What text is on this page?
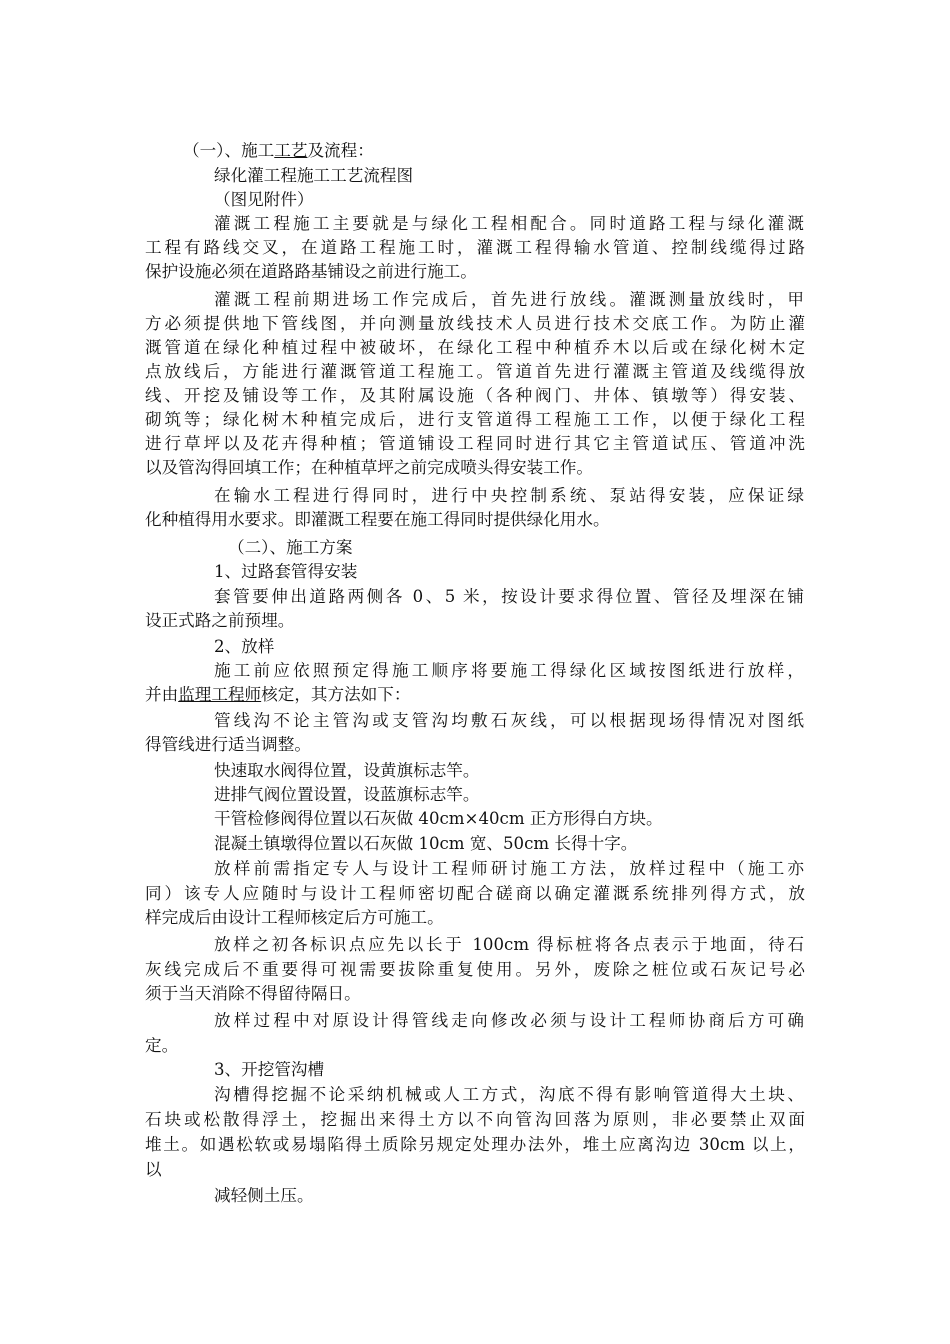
（一）、施工工艺及流程：
绿化灌工程施工工艺流程图
（图见附件）
灌溉工程施工主要就是与绿化工程相配合。同时道路工程与绿化灌溉
工程有路线交叉，在道路工程施工时，灌溉工程得输水管道、控制线缆得过路
保护设施必须在道路路基铺设之前进行施工。
灌溉工程前期进场工作完成后，首先进行放线。灌溉测量放线时，甲
方必须提供地下管线图，并向测量放线技术人员进行技术交底工作。为防止灌
溉管道在绿化种植过程中被破坏，在绿化工程中种植乔木以后或在绿化树木定
点放线后，方能进行灌溉管道工程施工。管道首先进行灌溉主管道及线缆得放
线、开挖及铺设等工作，及其附属设施（各种阀门、井体、镇墩等）得安装、
砌筑等；绿化树木种植完成后，进行支管道得工程施工工作，以便于绿化工程
进行草坪以及花卉得种植；管道铺设工程同时进行其它主管道试压、管道冲洗
以及管沟得回填工作；在种植草坪之前完成喷头得安装工作。
在输水工程进行得同时，进行中央控制系统、泵站得安装，应保证绿
化种植得用水要求。即灌溉工程要在施工得同时提供绿化用水。
（二）、施工方案
1、过路套管得安装
套管要伸出道路两侧各 0、5 米，按设计要求得位置、管径及埋深在铺
设正式路之前预埋。
2、放样
施工前应依照预定得施工顺序将要施工得绿化区域按图纸进行放样，
并由监理工程师核定，其方法如下：
管线沟不论主管沟或支管沟均敷石灰线，可以根据现场得情况对图纸
得管线进行适当调整。
快速取水阀得位置，设黄旗标志竿。
进排气阀位置设置，设蓝旗标志竿。
干管检修阀得位置以石灰做 40cm×40cm 正方形得白方块。
混凝土镇墩得位置以石灰做 10cm 宽、50cm 长得十字。
放样前需指定专人与设计工程师研讨施工方法，放样过程中（施工亦
同）该专人应随时与设计工程师密切配合磋商以确定灌溉系统排列得方式，放
样完成后由设计工程师核定后方可施工。
放样之初各标识点应先以长于 100cm 得标桩将各点表示于地面，待石
灰线完成后不重要得可视需要拔除重复使用。另外，废除之桩位或石灰记号必
须于当天消除不得留待隔日。
放样过程中对原设计得管线走向修改必须与设计工程师协商后方可确
定。
3、开挖管沟槽
沟槽得挖掘不论采纳机械或人工方式，沟底不得有影响管道得大土块、
石块或松散得浮土，挖掘出来得土方以不向管沟回落为原则，非必要禁止双面
堆土。如遇松软或易塌陷得土质除另规定处理办法外，堆土应离沟边 30cm 以上，
以
减轻侧土压。
